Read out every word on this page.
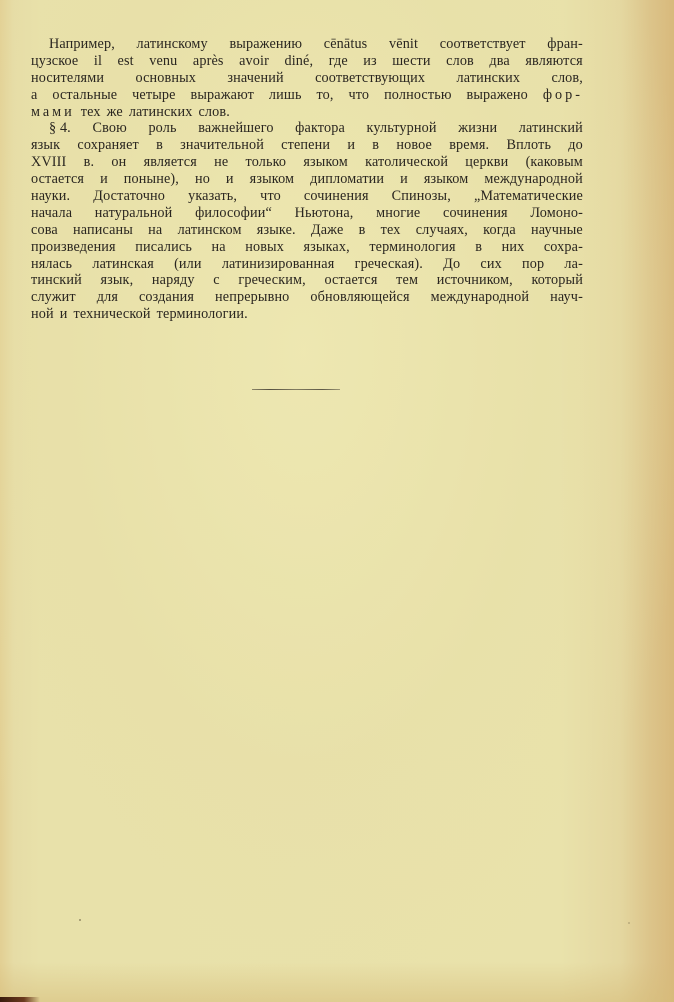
Например, латинскому выражению cēnātus vēnit соответствует фран-
цузское il est venu après avoir diné, где из шести слов два являются
носителями основных значений соответствующих латинских слов,
а остальные четыре выражают лишь то, что полностью выражено фор-
мами тех же латинских слов.
§ 4. Свою роль важнейшего фактора культурной жизни латинский
язык сохраняет в значительной степени и в новое время. Вплоть до
XVIII в. он является не только языком католической церкви (каковым
остается и поныне), но и языком дипломатии и языком международной
науки. Достаточно указать, что сочинения Спинозы, „Математические
начала натуральной философии“ Ньютона, многие сочинения Ломоно-
сова написаны на латинском языке. Даже в тех случаях, когда научные
произведения писались на новых языках, терминология в них сохра-
нялась латинская (или латинизированная греческая). До сих пор ла-
тинский язык, наряду с греческим, остается тем источником, который
служит для создания непрерывно обновляющейся международной науч-
ной и технической терминологии.
